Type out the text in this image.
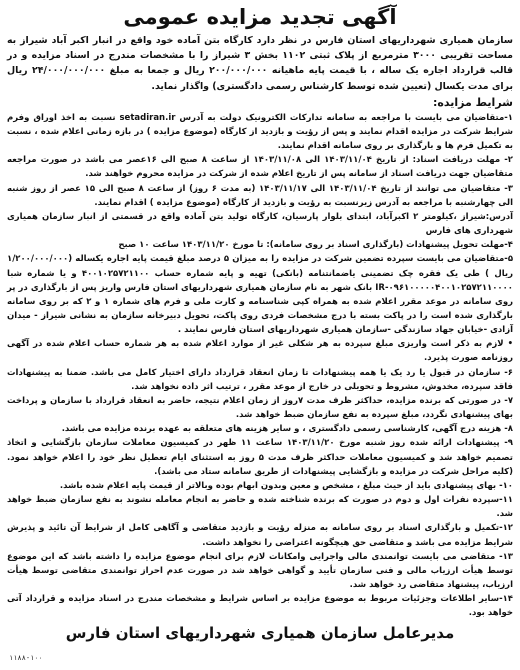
آگهی تجدید مزایده عمومی

سازمان همیاری شهرداریهای استان فارس در نظر دارد کارگاه بتن آماده خود واقع در انبار اکبر آباد شیراز به مساحت تقریبی ۳۰۰۰ مترمربع از پلاک ثبتی ۱۱۰۲ بخش ۳ شیراز را با مشخصات مندرج در اسناد مزایده و در قالب قرارداد اجاره یک ساله ، با قیمت پایه ماهیانه ۲۰۰/۰۰۰/۰۰۰ ریال و جمعا به مبلغ ۲۴/۰۰۰/۰۰۰/۰۰۰ ریال برای مدت یکسال (تعیین شده توسط کارشناس رسمی دادگستری) واگذار نماید.

شرایط مزایده:

۱-متقاضیان می بایست با مراجعه به سامانه تدارکات الکترونیک دولت به آدرس setadiran.ir نسبت به اخذ اوراق وفرم شرایط شرکت در مزایده اقدام نمایند و پس از رؤیت و بازدید از کارگاه (موضوع مزایده ) در بازه زمانی اعلام شده ، نسبت به تکمیل فرم ها و بارگذاری بر روی سامانه اقدام نمایند.

۲- مهلت دریافت اسناد: از تاریخ ۱۴۰۳/۱۱/۰۴ الی ۱۴۰۳/۱۱/۰۸ از ساعت ۸ صبح الی ۱۶عصر می باشد در صورت مراجعه متقاضیان جهت دریافت اسناد از سامانه پس از تاریخ اعلام شده از شرکت در مزایده محروم خواهند شد.

۳- متقاضیان می توانند از تاریخ ۱۴۰۳/۱۱/۰۴ الی ۱۴۰۳/۱۱/۱۷ (به مدت ۶ روز) از ساعت ۸ صبح الی ۱۵ عصر از روز شنبه الی چهارشنبه با مراجعه به آدرس زیرنسبت به رؤیت و بازدید از کارگاه (موضوع مزایده ) اقدام نمایند.

آدرس:شیراز ،کیلومتر ۲ اکبرآباد، ابتدای بلوار پارسیان، کارگاه تولید بتن آماده واقع در قسمتی از انبار سازمان همیاری شهرداری های فارس

۴-مهلت تحویل پیشنهادات (بارگذاری اسناد بر روی سامانه): تا مورخ ۱۴۰۳/۱۱/۲۰ ساعت ۱۰ صبح

۵-متقاضیان می بایست سپرده تضمین شرکت در مزایده را به میزان ۵ درصد مبلغ قیمت پایه اجاره یکساله (۱/۲۰۰/۰۰۰/۰۰۰ ریال ) طی یک فقره چک تضمینی یاضمانتنامه (بانکی) تهیه و پایه شماره حساب ۴۰۰۱۰۲۵۷۲۱۱۰۰ و یا شماره شبا IR-۰۹۶۱۰۰۰۰۰۴۰۰۱۰۲۵۷۲۱۱۰۰۰۰ بانک شهر به نام سازمان همیاری شهرداریهای استان فارس واریز پس از بارگذاری در پر روی سامانه در موعد مقرر اعلام شده به همراه کپی شناسنامه و کارت ملی و فرم های شماره ۱ و ۲ که بر روی سامانه بارگذاری شده است را در پاکت بسته با درج مشخصات فردی روی پاکت، تحویل دبیرخانه سازمان به نشانی شیراز - میدان آزادی -خیابان جهاد سازندگی -سازمان همیاری شهرداریهای استان فارس نمایند .

• لازم به ذکر است واریزی مبلغ سپرده به هر شکلی غیر از موارد اعلام شده به هر شماره حساب اعلام شده در آگهی روزنامه صورت پذیرد.

۶- سازمان در قبول یا رد یک یا همه پیشنهادات تا زمان انعقاد قرارداد دارای اختیار کامل می باشد. ضمنا به پیشنهادات فاقد سپرده، مخدوش، مشروط و تحویلی در خارج از موعد مقرر ، ترتیب اثر داده نخواهد شد.

۷- در صورتی که برنده مزایده، حداکثر ظرف مدت ۷روز از زمان اعلام نتیجه، حاضر به انعقاد قرارداد با سازمان و پرداخت بهای پیشنهادی نگردد، مبلغ سپرده به نفع سازمان ضبط خواهد شد.

۸- هزینه درج آگهی، کارشناسی رسمی دادگستری ، و سایر هزینه های متعلقه به عهده برنده مزایده می باشد.

۹- پیشنهادات ارائه شده روز شنبه مورخ ۱۴۰۳/۱۱/۲۰ ساعت ۱۱ ظهر در کمیسیون معاملات سازمان بازگشایی و اتخاذ تصمیم خواهد شد و کمیسیون معاملات حداکثر ظرف مدت ۵ روز به استثنای ایام تعطیل نظر خود را اعلام خواهد نمود. (کلیه مراحل شرکت در مزایده و بازگشایی پیشنهادات از طریق سامانه ستاد می باشد).

۱۰- بهای پیشنهادی باید از حیث مبلغ ، مشخص و معین وبدون ابهام بوده وبالاتر از قیمت پایه اعلام شده باشد.

۱۱-سپرده نفرات اول و دوم در صورت که برنده شناخته شده و حاضر به انجام معامله نشوند به نفع سازمان ضبط خواهد شد.

۱۲-تکمیل و بارگذاری اسناد بر روی سامانه به منزله رؤیت و بازدید متقاضی و آگاهی کامل از شرایط آن تائید و پذیرش شرایط مزایده می باشد و متقاضی حق هیچگونه اعتراضی را نخواهد داشت.

۱۳- متقاضی می بایست توانمندی مالی واجرایی وامکانات لازم برای انجام موضوع مزایده را داشته باشد که این موضوع توسط هیأت ارزیاب مالی و فنی سازمان تأیید و گواهی خواهد شد در صورت عدم احراز توانمندی متقاضی توسط هیأت ارزیاب، پیشنهاد متقاضی رد خواهد شد.

۱۴-سایر اطلاعات وجزئیات مربوط به موضوع مزایده بر اساس شرایط و مشخصات مندرج در اسناد مزایده و قرارداد آتی خواهد بود.

مدیرعامل سازمان همیاری شهرداریهای استان فارس
۱۱۸۸-۱۰۰
